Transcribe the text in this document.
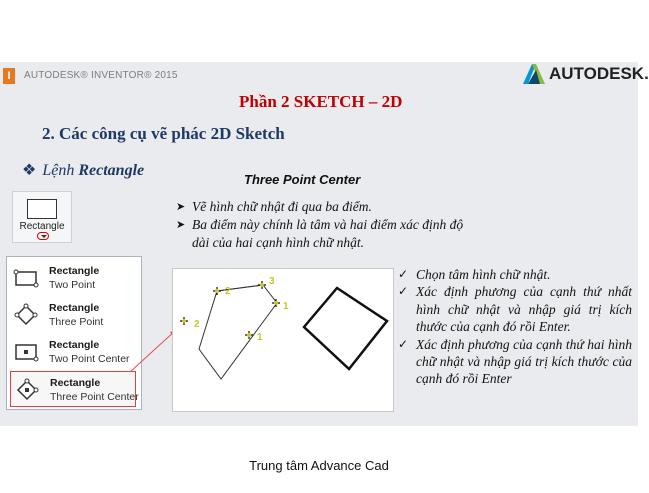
I	AUTODESK® INVENTOR® 2015	AUTODESK.
Phần 2 SKETCH – 2D
2. Các công cụ vẽ phác 2D Sketch
❖ Lệnh Rectangle
Three Point Center
Rectangle
Rectangle
Two Point
Rectangle
Three Point
Rectangle
Two Point Center
Rectangle
Three Point Center
➤ Vẽ hình chữ nhật đi qua ba điểm.
➤ Ba điểm này chính là tâm và hai điểm xác định độ dài của hai cạnh hình chữ nhật.
2
3
1
1
2
✓ Chọn tâm hình chữ nhật.
✓ Xác định phương của cạnh thứ nhất hình chữ nhật và nhập giá trị kích thước của cạnh đó rồi Enter.
✓ Xác định phương của cạnh thứ hai hình chữ nhật và nhập giá trị kích thước của cạnh đó rồi Enter
Trung tâm Advance Cad
